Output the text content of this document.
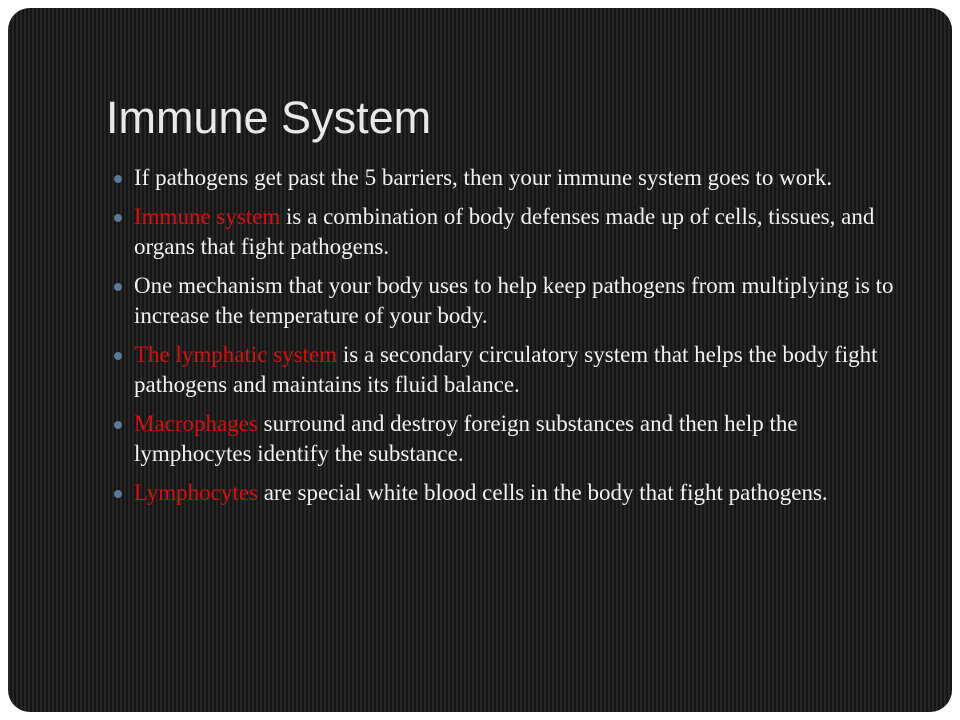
Immune System
If pathogens get past the 5 barriers, then your immune system goes to work.
Immune system is a combination of body defenses made up of cells, tissues, and organs that fight pathogens.
One mechanism that your body uses to help keep pathogens from multiplying is to increase the temperature of your body.
The lymphatic system is a secondary circulatory system that helps the body fight pathogens and maintains its fluid balance.
Macrophages surround and destroy foreign substances and then help the lymphocytes identify the substance.
Lymphocytes are special white blood cells in the body that fight pathogens.
